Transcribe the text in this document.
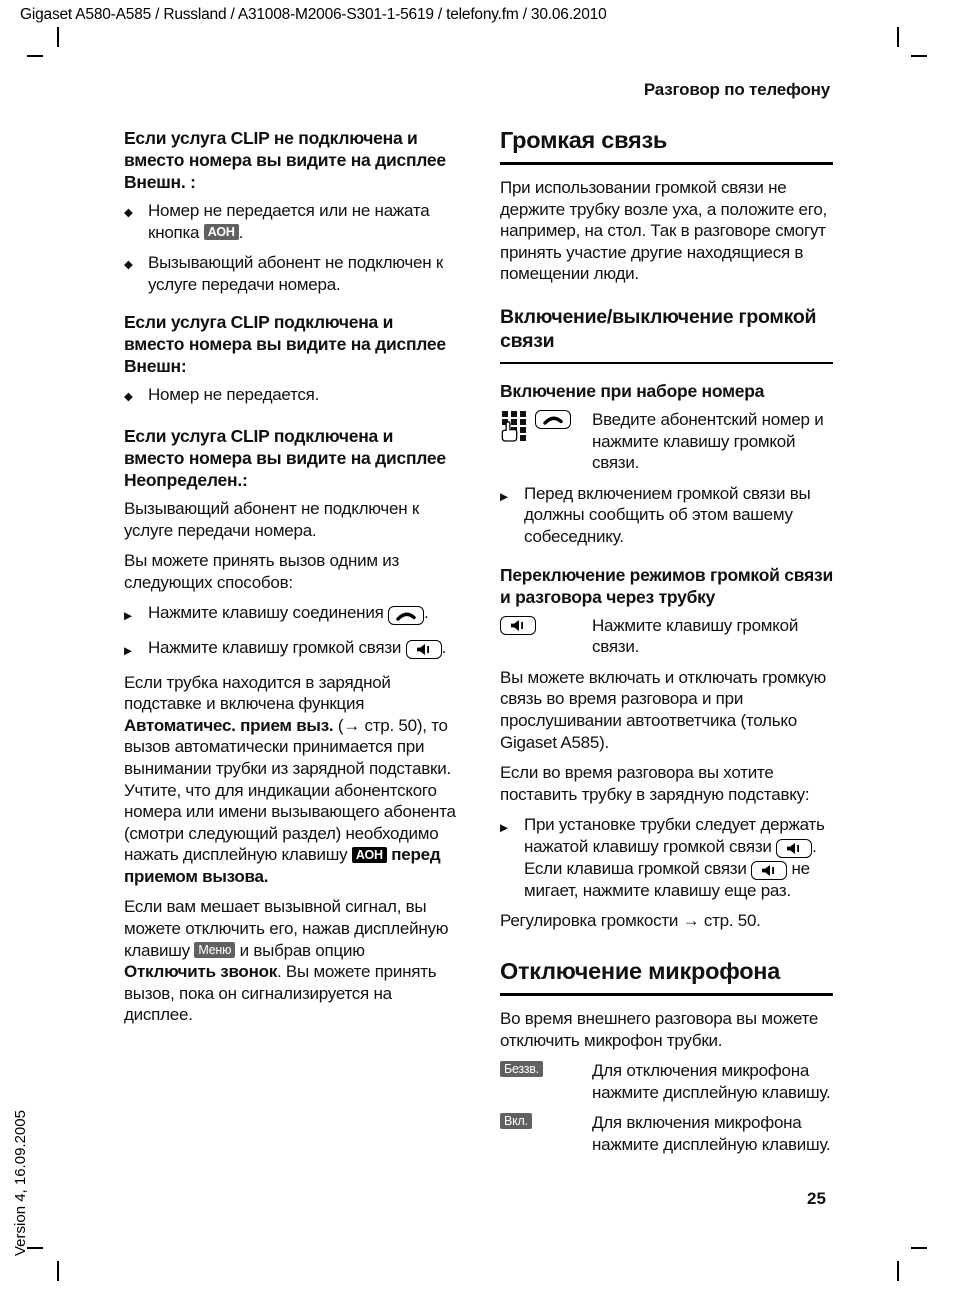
Gigaset A580-A585 / Russland / A31008-M2006-S301-1-5619 / telefony.fm / 30.06.2010
Разговор по телефону
Если услуга CLIP не подключена и вместо номера вы видите на дисплее Внешн. :
◆ Номер не передается или не нажата кнопка АОН .
◆ Вызывающий абонент не подключен к услуге передачи номера.
Если услуга CLIP подключена и вместо номера вы видите на дисплее Внешн:
◆ Номер не передается.
Если услуга CLIP подключена и вместо номера вы видите на дисплее Неопределен.:

Вызывающий абонент не подключен к услуге передачи номера.

Вы можете принять вызов одним из следующих способов:

▶ Нажмите клавишу соединения
.
▶ Нажмите клавишу громкой связи
.

Если трубка находится в зарядной подставке и включена функция Автоматичес. прием выз. (→ стр. 50), то вызов автоматически принимается при вынимании трубки из зарядной подставки. Учтите, что для индикации абонентского номера или имени вызывающего абонента (смотри следующий раздел) необходимо нажать дисплейную клавишу АОН перед приемом вызова.

Если вам мешает вызывной сигнал, вы можете отключить его, нажав дисплейную клавишу Меню и выбрав опцию Отключить звонок. Вы можете принять вызов, пока он сигнализируется на дисплее.

Громкая связь

При использовании громкой связи не держите трубку возле уха, а положите его, например, на стол. Так в разговоре смогут принять участие другие находящиеся в помещении люди.

Включение/выключение громкой связи
Включение при наборе номера
Введите абонентский номер и нажмите клавишу громкой связи.
▶ Перед включением громкой связи вы должны сообщить об этом вашему собеседнику.
Переключение режимов громкой связи и разговора через трубку
Нажмите клавишу громкой связи.

Вы можете включать и отключать громкую связь во время разговора и при прослушивании автоответчика (только Gigaset A585).

Если во время разговора вы хотите поставить трубку в зарядную подставку:

▶ При установке трубки следует держать нажатой клавишу громкой связи
. Если клавиша громкой связи
не мигает, нажмите клавишу еще раз.

Регулировка громкости → стр. 50.

Отключение микрофона

Во время внешнего разговора вы можете отключить микрофон трубки.

Беззв.	Для отключения микрофона нажмите дисплейную клавишу.
Вкл.	Для включения микрофона нажмите дисплейную клавишу.
25
Version 4, 16.09.2005
